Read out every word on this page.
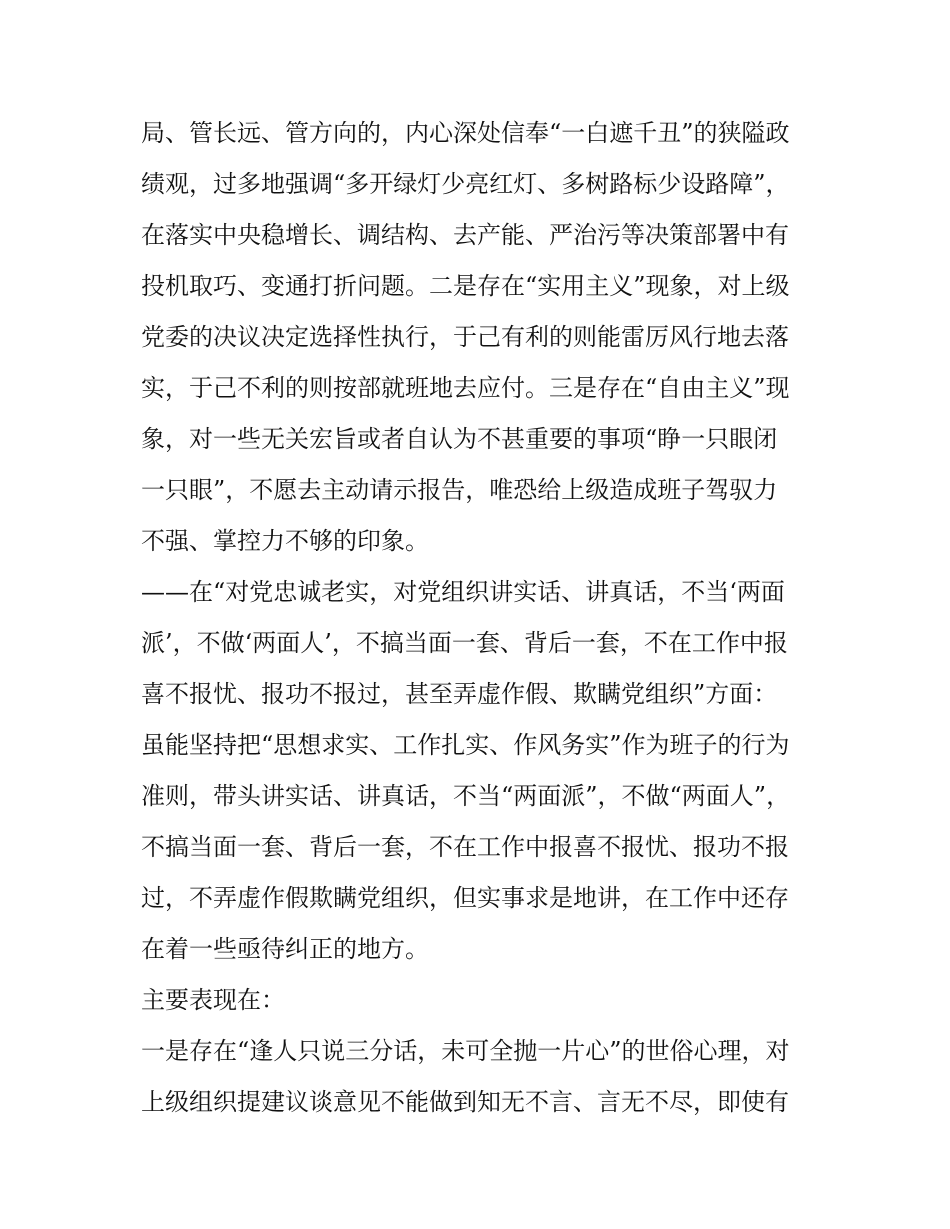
局、管长远、管方向的，内心深处信奉“一白遮千丑”的狭隘政
绩观，过多地强调“多开绿灯少亮红灯、多树路标少设路障”，
在落实中央稳增长、调结构、去产能、严治污等决策部署中有
投机取巧、变通打折问题。二是存在“实用主义”现象，对上级
党委的决议决定选择性执行，于己有利的则能雷厉风行地去落
实，于己不利的则按部就班地去应付。三是存在“自由主义”现
象，对一些无关宏旨或者自认为不甚重要的事项“睁一只眼闭
一只眼”，不愿去主动请示报告，唯恐给上级造成班子驾驭力
不强、掌控力不够的印象。
——在“对党忠诚老实，对党组织讲实话、讲真话，不当‘两面
派’，不做‘两面人’，不搞当面一套、背后一套，不在工作中报
喜不报忧、报功不报过，甚至弄虚作假、欺瞒党组织”方面：
虽能坚持把“思想求实、工作扎实、作风务实”作为班子的行为
准则，带头讲实话、讲真话，不当“两面派”，不做“两面人”，
不搞当面一套、背后一套，不在工作中报喜不报忧、报功不报
过，不弄虚作假欺瞒党组织，但实事求是地讲，在工作中还存
在着一些亟待纠正的地方。
主要表现在：
一是存在“逢人只说三分话，未可全抛一片心”的世俗心理，对
上级组织提建议谈意见不能做到知无不言、言无不尽，即使有
